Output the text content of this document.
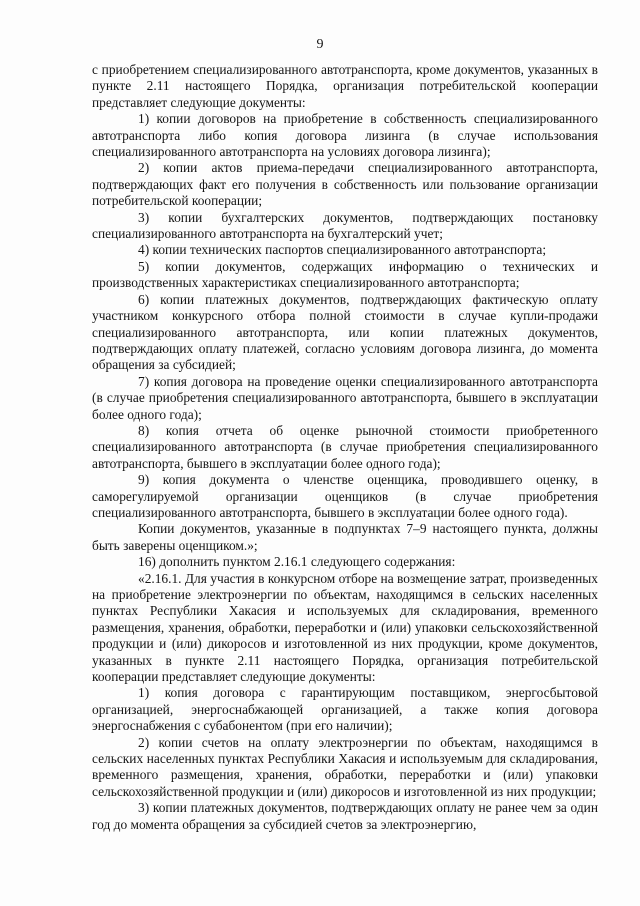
9

с приобретением специализированного автотранспорта, кроме документов, указанных в пункте 2.11 настоящего Порядка, организация потребительской кооперации представляет следующие документы:

1) копии договоров на приобретение в собственность специализированного автотранспорта либо копия договора лизинга (в случае использования специализированного автотранспорта на условиях договора лизинга);

2) копии актов приема-передачи специализированного автотранспорта, подтверждающих факт его получения в собственность или пользование организации потребительской кооперации;

3) копии бухгалтерских документов, подтверждающих постановку специализированного автотранспорта на бухгалтерский учет;

4) копии технических паспортов специализированного автотранспорта;

5) копии документов, содержащих информацию о технических и производственных характеристиках специализированного автотранспорта;

6) копии платежных документов, подтверждающих фактическую оплату участником конкурсного отбора полной стоимости в случае купли-продажи специализированного автотранспорта, или копии платежных документов, подтверждающих оплату платежей, согласно условиям договора лизинга, до момента обращения за субсидией;

7) копия договора на проведение оценки специализированного автотранспорта (в случае приобретения специализированного автотранспорта, бывшего в эксплуатации более одного года);

8) копия отчета об оценке рыночной стоимости приобретенного специализированного автотранспорта (в случае приобретения специализированного автотранспорта, бывшего в эксплуатации более одного года);

9) копия документа о членстве оценщика, проводившего оценку, в саморегулируемой организации оценщиков (в случае приобретения специализированного автотранспорта, бывшего в эксплуатации более одного года).

Копии документов, указанные в подпунктах 7–9 настоящего пункта, должны быть заверены оценщиком.»;

16) дополнить пунктом 2.16.1 следующего содержания:

«2.16.1. Для участия в конкурсном отборе на возмещение затрат, произведенных на приобретение электроэнергии по объектам, находящимся в сельских населенных пунктах Республики Хакасия и используемых для складирования, временного размещения, хранения, обработки, переработки и (или) упаковки сельскохозяйственной продукции и (или) дикоросов и изготовленной из них продукции, кроме документов, указанных в пункте 2.11 настоящего Порядка, организация потребительской кооперации представляет следующие документы:

1) копия договора с гарантирующим поставщиком, энергосбытовой организацией, энергоснабжающей организацией, а также копия договора энергоснабжения с субабонентом (при его наличии);

2) копии счетов на оплату электроэнергии по объектам, находящимся в сельских населенных пунктах Республики Хакасия и используемым для складирования, временного размещения, хранения, обработки, переработки и (или) упаковки сельскохозяйственной продукции и (или) дикоросов и изготовленной из них продукции;

3) копии платежных документов, подтверждающих оплату не ранее чем за один год до момента обращения за субсидией счетов за электроэнергию,
